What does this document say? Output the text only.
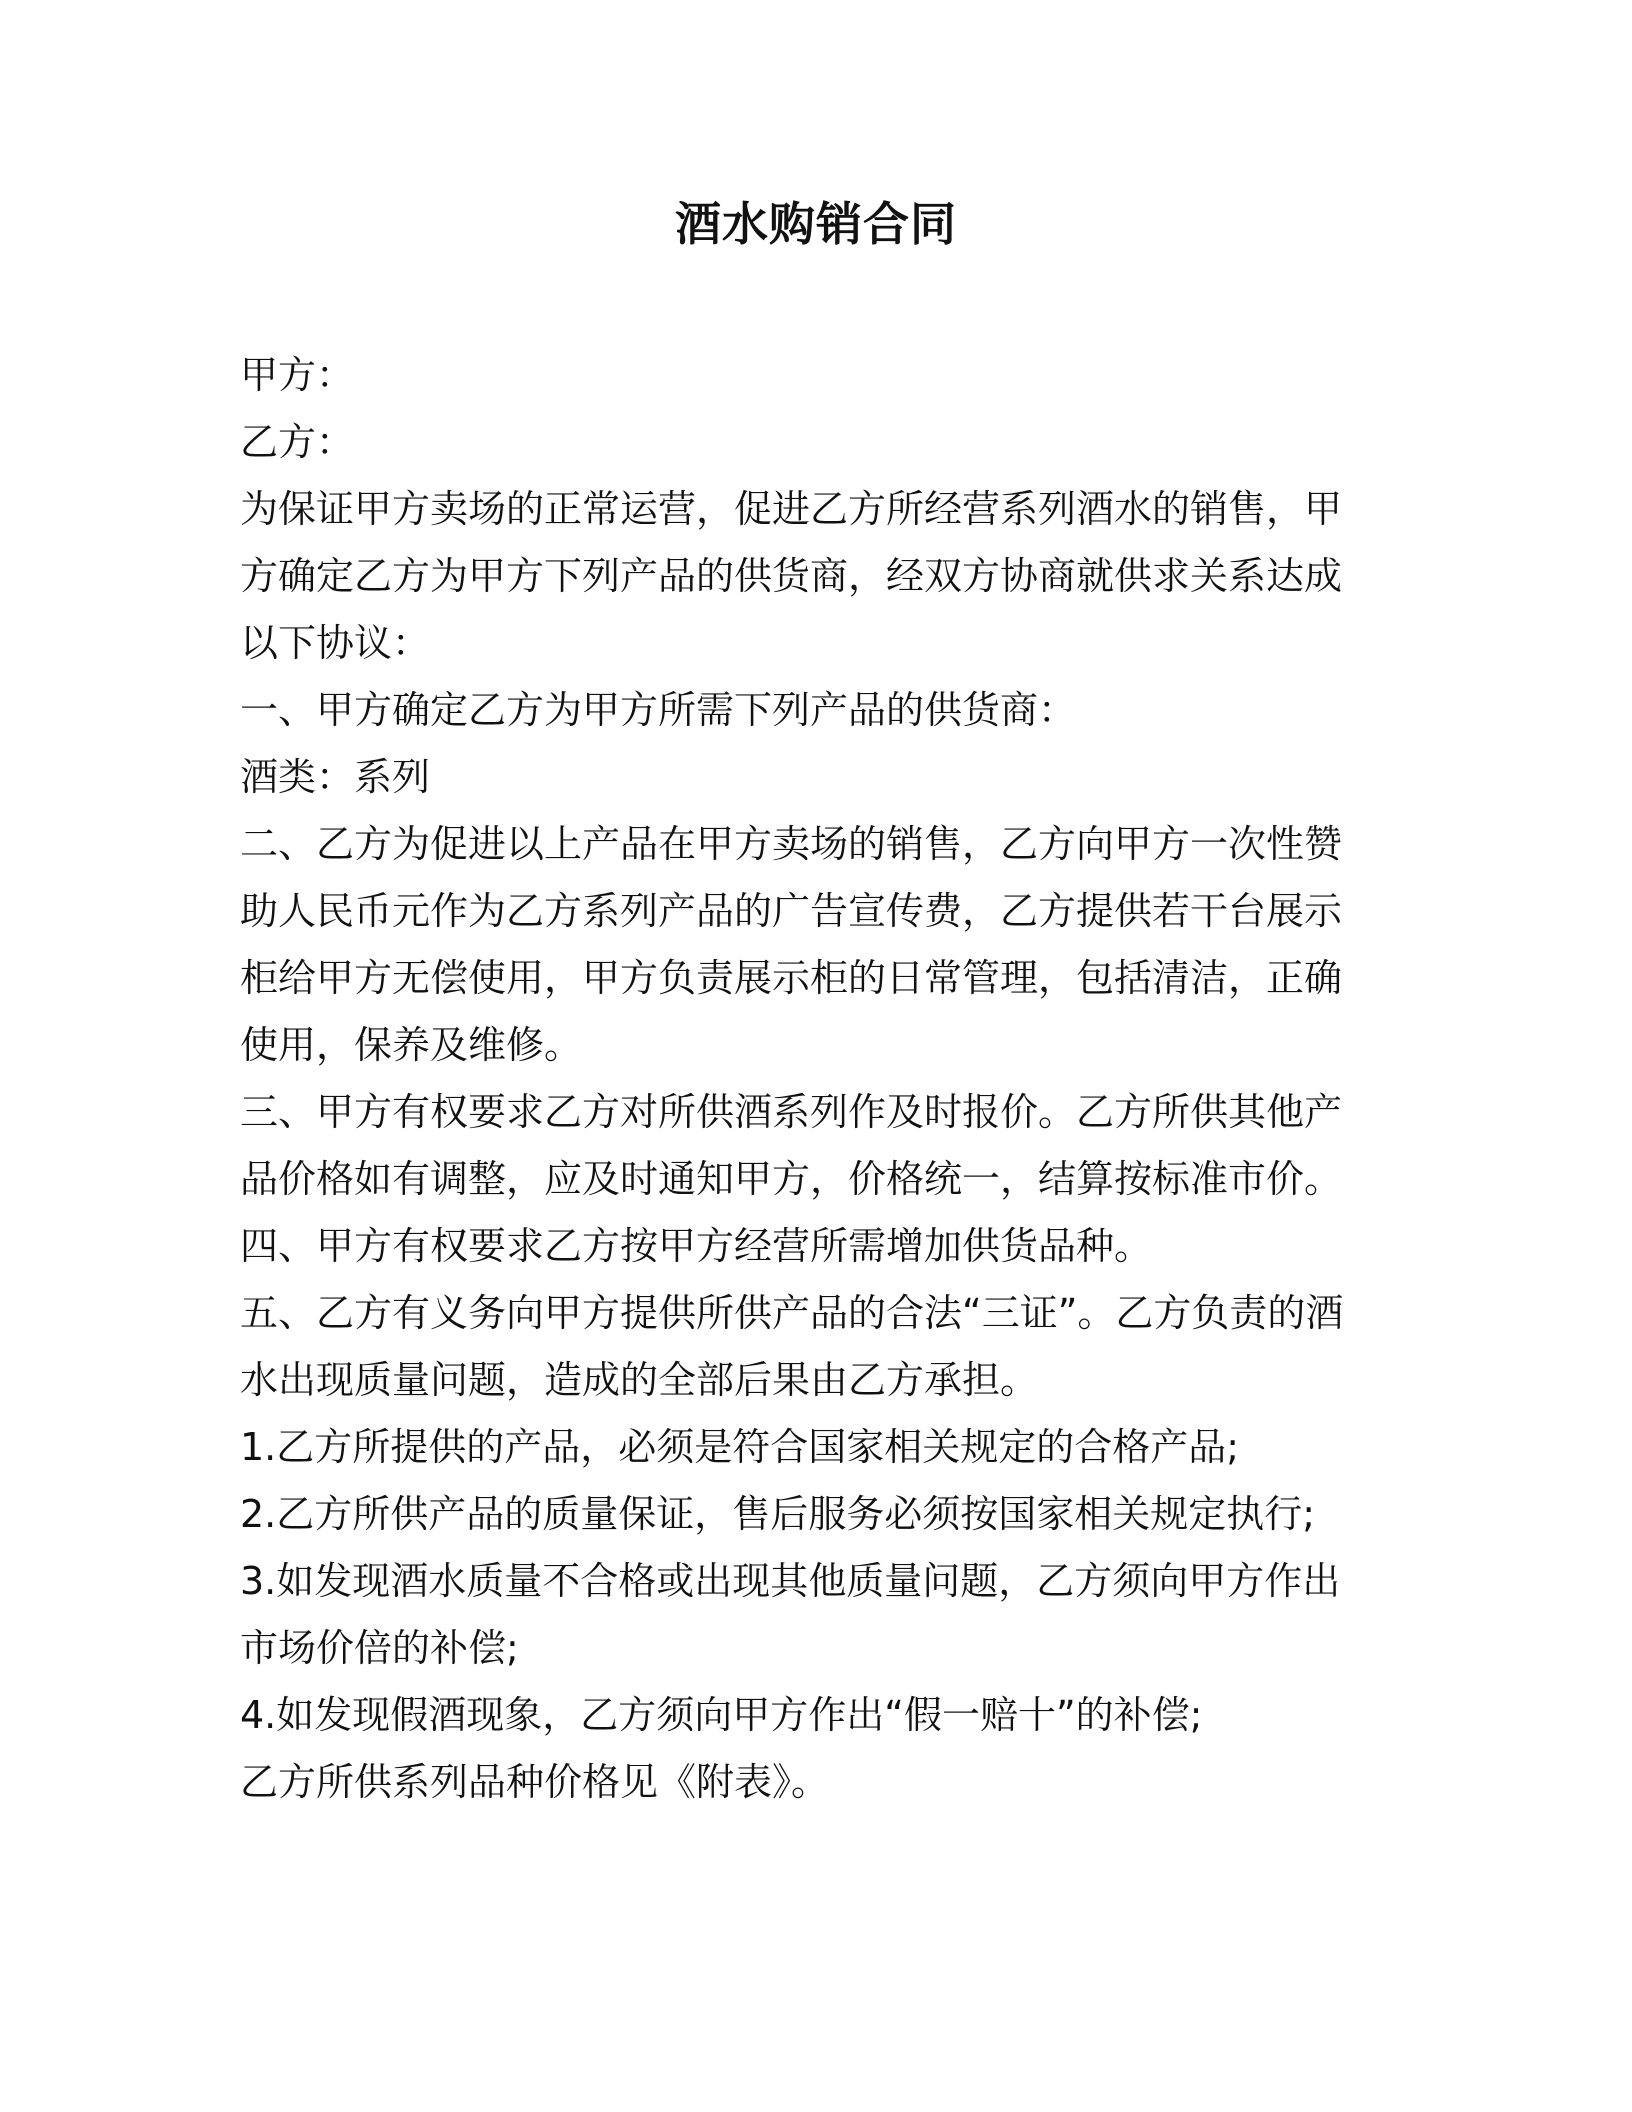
酒水购销合同

甲方：

乙方：

为保证甲方卖场的正常运营，促进乙方所经营系列酒水的销售，甲方确定乙方为甲方下列产品的供货商，经双方协商就供求关系达成以下协议：

一、甲方确定乙方为甲方所需下列产品的供货商：

酒类：系列

二、乙方为促进以上产品在甲方卖场的销售，乙方向甲方一次性赞助人民币元作为乙方系列产品的广告宣传费，乙方提供若干台展示柜给甲方无偿使用，甲方负责展示柜的日常管理，包括清洁，正确使用，保养及维修。

三、甲方有权要求乙方对所供酒系列作及时报价。乙方所供其他产品价格如有调整，应及时通知甲方，价格统一，结算按标准市价。

四、甲方有权要求乙方按甲方经营所需增加供货品种。

五、乙方有义务向甲方提供所供产品的合法“三证”。乙方负责的酒水出现质量问题，造成的全部后果由乙方承担。

1.乙方所提供的产品，必须是符合国家相关规定的合格产品;

2.乙方所供产品的质量保证，售后服务必须按国家相关规定执行;

3.如发现酒水质量不合格或出现其他质量问题，乙方须向甲方作出市场价倍的补偿;

4.如发现假酒现象，乙方须向甲方作出“假一赔十”的补偿;

乙方所供系列品种价格见《附表》。
